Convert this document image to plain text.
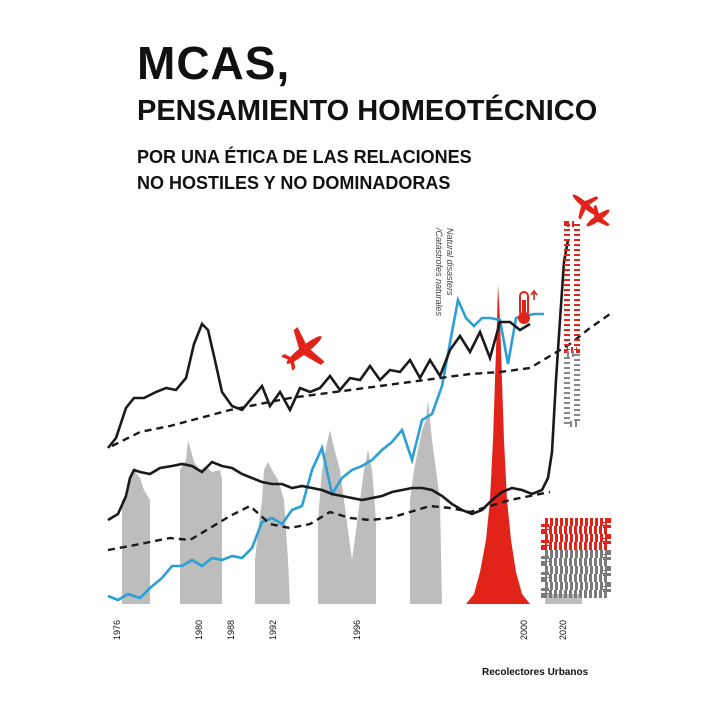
MCAS,
PENSAMIENTO HOMEOTÉCNICO
POR UNA ÉTICA DE LAS RELACIONES
NO HOSTILES Y NO DOMINADORAS
Natural disasters
/Catástrofes naturales
1976	1980 1988	1992	1996	2000	2020
Recolectores Urbanos
